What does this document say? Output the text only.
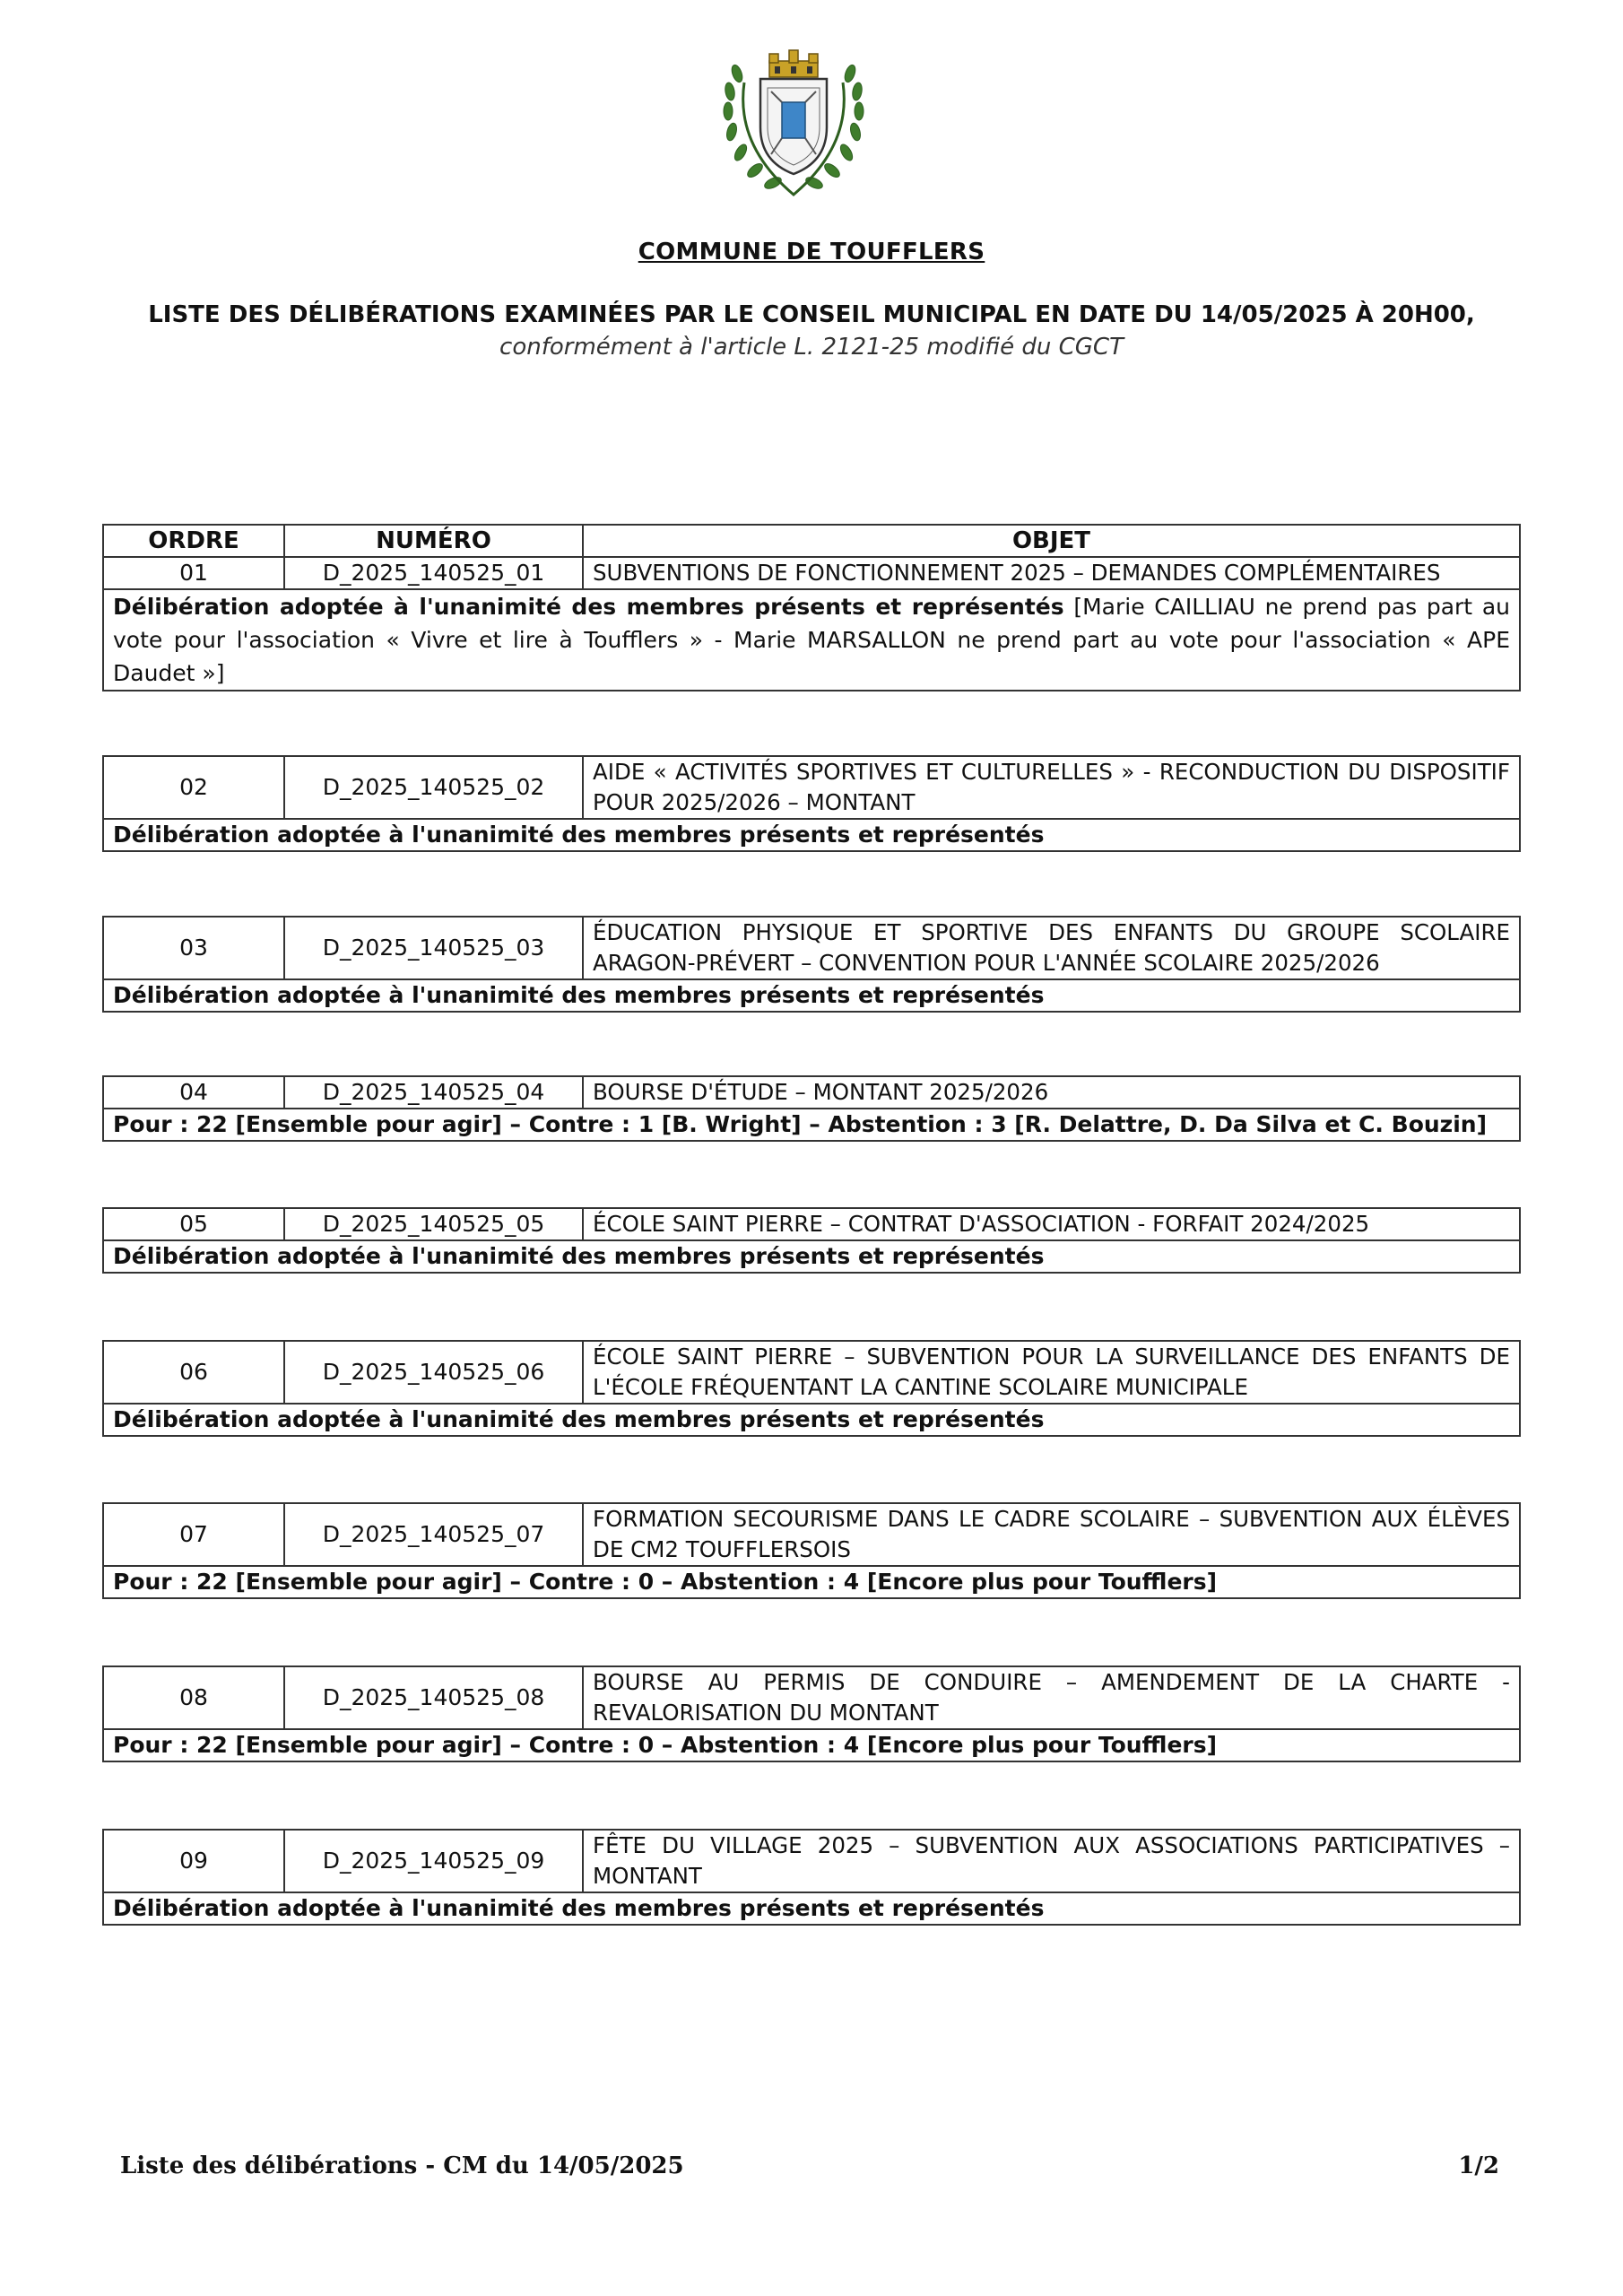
COMMUNE DE TOUFFLERS
LISTE DES DÉLIBÉRATIONS EXAMINÉES PAR LE CONSEIL MUNICIPAL EN DATE DU 14/05/2025 À 20H00,
conformément à l'article L. 2121-25 modifié du CGCT
ORDRE	NUMÉRO	OBJET
01	D_2025_140525_01	SUBVENTIONS DE FONCTIONNEMENT 2025 – DEMANDES COMPLÉMENTAIRES
Délibération adoptée à l'unanimité des membres présents et représentés [Marie CAILLIAU ne prend pas part au vote pour l'association « Vivre et lire à Toufflers » - Marie MARSALLON ne prend part au vote pour l'association « APE Daudet »]		
02	D_2025_140525_02	AIDE « ACTIVITÉS SPORTIVES ET CULTURELLES » - RECONDUCTION DU DISPOSITIF POUR 2025/2026 – MONTANT
Délibération adoptée à l'unanimité des membres présents et représentés
03	D_2025_140525_03	ÉDUCATION PHYSIQUE ET SPORTIVE DES ENFANTS DU GROUPE SCOLAIRE ARAGON-PRÉVERT – CONVENTION POUR L'ANNÉE SCOLAIRE 2025/2026
Délibération adoptée à l'unanimité des membres présents et représentés
04	D_2025_140525_04	BOURSE D'ÉTUDE – MONTANT 2025/2026
Pour : 22 [Ensemble pour agir] – Contre : 1 [B. Wright] – Abstention : 3 [R. Delattre, D. Da Silva et C. Bouzin]
05	D_2025_140525_05	ÉCOLE SAINT PIERRE – CONTRAT D'ASSOCIATION - FORFAIT 2024/2025
Délibération adoptée à l'unanimité des membres présents et représentés
06	D_2025_140525_06	ÉCOLE SAINT PIERRE – SUBVENTION POUR LA SURVEILLANCE DES ENFANTS DE L'ÉCOLE FRÉQUENTANT LA CANTINE SCOLAIRE MUNICIPALE
Délibération adoptée à l'unanimité des membres présents et représentés
07	D_2025_140525_07	FORMATION SECOURISME DANS LE CADRE SCOLAIRE – SUBVENTION AUX ÉLÈVES DE CM2 TOUFFLERSOIS
Pour : 22 [Ensemble pour agir] – Contre : 0 – Abstention : 4 [Encore plus pour Toufflers]
08	D_2025_140525_08	BOURSE AU PERMIS DE CONDUIRE – AMENDEMENT DE LA CHARTE - REVALORISATION DU MONTANT
Pour : 22 [Ensemble pour agir] – Contre : 0 – Abstention : 4 [Encore plus pour Toufflers]
09	D_2025_140525_09	FÊTE DU VILLAGE 2025 – SUBVENTION AUX ASSOCIATIONS PARTICIPATIVES – MONTANT
Délibération adoptée à l'unanimité des membres présents et représentés
Liste des délibérations - CM du 14/05/2025	1/2
